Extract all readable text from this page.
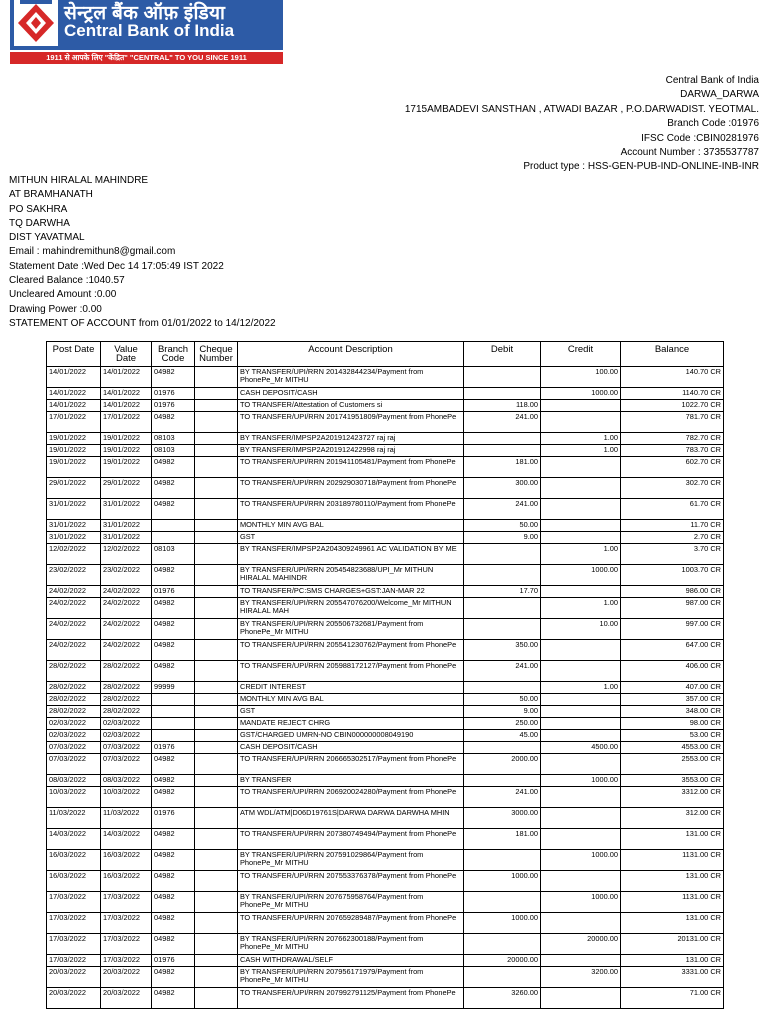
सेन्ट्रल बैंक ऑफ़ इंडिया
Central Bank of India
1911 से आपके लिए "केंद्रित" "CENTRAL" TO YOU SINCE 1911
Central Bank of India
DARWA_DARWA
1715AMBADEVI SANSTHAN , ATWADI BAZAR , P.O.DARWADIST. YEOTMAL.
Branch Code :01976
IFSC Code :CBIN0281976
Account Number : 3735537787
Product type : HSS-GEN-PUB-IND-ONLINE-INB-INR
MITHUN HIRALAL MAHINDRE
AT BRAMHANATH
PO SAKHRA
TQ DARWHA
DIST YAVATMAL
Email : mahindremithun8@gmail.com
Statement Date :Wed Dec 14 17:05:49 IST 2022
Cleared Balance :1040.57
Uncleared Amount :0.00
Drawing Power :0.00
STATEMENT OF ACCOUNT from 01/01/2022 to 14/12/2022
Post Date	Value Date	Branch Code	Cheque Number	Account Description	Debit	Credit	Balance
14/01/2022	14/01/2022	04982		BY TRANSFER/UPI/RRN 201432844234/Payment from PhonePe_Mr MITHU		100.00	140.70 CR
14/01/2022	14/01/2022	01976		CASH DEPOSIT/CASH		1000.00	1140.70 CR
14/01/2022	14/01/2022	01976		TO TRANSFER/Attestation of Customers si	118.00		1022.70 CR
17/01/2022	17/01/2022	04982		TO TRANSFER/UPI/RRN 201741951809/Payment from PhonePe	241.00		781.70 CR
19/01/2022	19/01/2022	08103		BY TRANSFER/IMPSP2A201912423727 raj raj		1.00	782.70 CR
19/01/2022	19/01/2022	08103		BY TRANSFER/IMPSP2A201912422998 raj raj		1.00	783.70 CR
19/01/2022	19/01/2022	04982		TO TRANSFER/UPI/RRN 201941105481/Payment from PhonePe	181.00		602.70 CR
29/01/2022	29/01/2022	04982		TO TRANSFER/UPI/RRN 202929030718/Payment from PhonePe	300.00		302.70 CR
31/01/2022	31/01/2022	04982		TO TRANSFER/UPI/RRN 203189780110/Payment from PhonePe	241.00		61.70 CR
31/01/2022	31/01/2022			MONTHLY MIN AVG BAL	50.00		11.70 CR
31/01/2022	31/01/2022			GST	9.00		2.70 CR
12/02/2022	12/02/2022	08103		BY TRANSFER/IMPSP2A204309249961 AC VALIDATION BY ME		1.00	3.70 CR
23/02/2022	23/02/2022	04982		BY TRANSFER/UPI/RRN 205454823688/UPI_Mr MITHUN HIRALAL MAHINDR		1000.00	1003.70 CR
24/02/2022	24/02/2022	01976		TO TRANSFER/PC:SMS CHARGES+GST:JAN-MAR 22	17.70		986.00 CR
24/02/2022	24/02/2022	04982		BY TRANSFER/UPI/RRN 205547076200/Welcome_Mr MITHUN HIRALAL MAH		1.00	987.00 CR
24/02/2022	24/02/2022	04982		BY TRANSFER/UPI/RRN 205506732681/Payment from PhonePe_Mr MITHU		10.00	997.00 CR
24/02/2022	24/02/2022	04982		TO TRANSFER/UPI/RRN 205541230762/Payment from PhonePe	350.00		647.00 CR
28/02/2022	28/02/2022	04982		TO TRANSFER/UPI/RRN 205988172127/Payment from PhonePe	241.00		406.00 CR
28/02/2022	28/02/2022	99999		CREDIT INTEREST		1.00	407.00 CR
28/02/2022	28/02/2022			MONTHLY MIN AVG BAL	50.00		357.00 CR
28/02/2022	28/02/2022			GST	9.00		348.00 CR
02/03/2022	02/03/2022			MANDATE REJECT CHRG	250.00		98.00 CR
02/03/2022	02/03/2022			GST/CHARGED UMRN-NO CBIN000000008049190	45.00		53.00 CR
07/03/2022	07/03/2022	01976		CASH DEPOSIT/CASH		4500.00	4553.00 CR
07/03/2022	07/03/2022	04982		TO TRANSFER/UPI/RRN 206665302517/Payment from PhonePe	2000.00		2553.00 CR
08/03/2022	08/03/2022	04982		BY TRANSFER		1000.00	3553.00 CR
10/03/2022	10/03/2022	04982		TO TRANSFER/UPI/RRN 206920024280/Payment from PhonePe	241.00		3312.00 CR
11/03/2022	11/03/2022	01976		ATM WDL/ATM|D06D19761S|DARWA DARWA DARWHA MHIN	3000.00		312.00 CR
14/03/2022	14/03/2022	04982		TO TRANSFER/UPI/RRN 207380749494/Payment from PhonePe	181.00		131.00 CR
16/03/2022	16/03/2022	04982		BY TRANSFER/UPI/RRN 207591029864/Payment from PhonePe_Mr MITHU		1000.00	1131.00 CR
16/03/2022	16/03/2022	04982		TO TRANSFER/UPI/RRN 207553376378/Payment from PhonePe	1000.00		131.00 CR
17/03/2022	17/03/2022	04982		BY TRANSFER/UPI/RRN 207675958764/Payment from PhonePe_Mr MITHU		1000.00	1131.00 CR
17/03/2022	17/03/2022	04982		TO TRANSFER/UPI/RRN 207659289487/Payment from PhonePe	1000.00		131.00 CR
17/03/2022	17/03/2022	04982		BY TRANSFER/UPI/RRN 207662300188/Payment from PhonePe_Mr MITHU		20000.00	20131.00 CR
17/03/2022	17/03/2022	01976		CASH WITHDRAWAL/SELF	20000.00		131.00 CR
20/03/2022	20/03/2022	04982		BY TRANSFER/UPI/RRN 207956171979/Payment from PhonePe_Mr MITHU		3200.00	3331.00 CR
20/03/2022	20/03/2022	04982		TO TRANSFER/UPI/RRN 207992791125/Payment from PhonePe	3260.00		71.00 CR
